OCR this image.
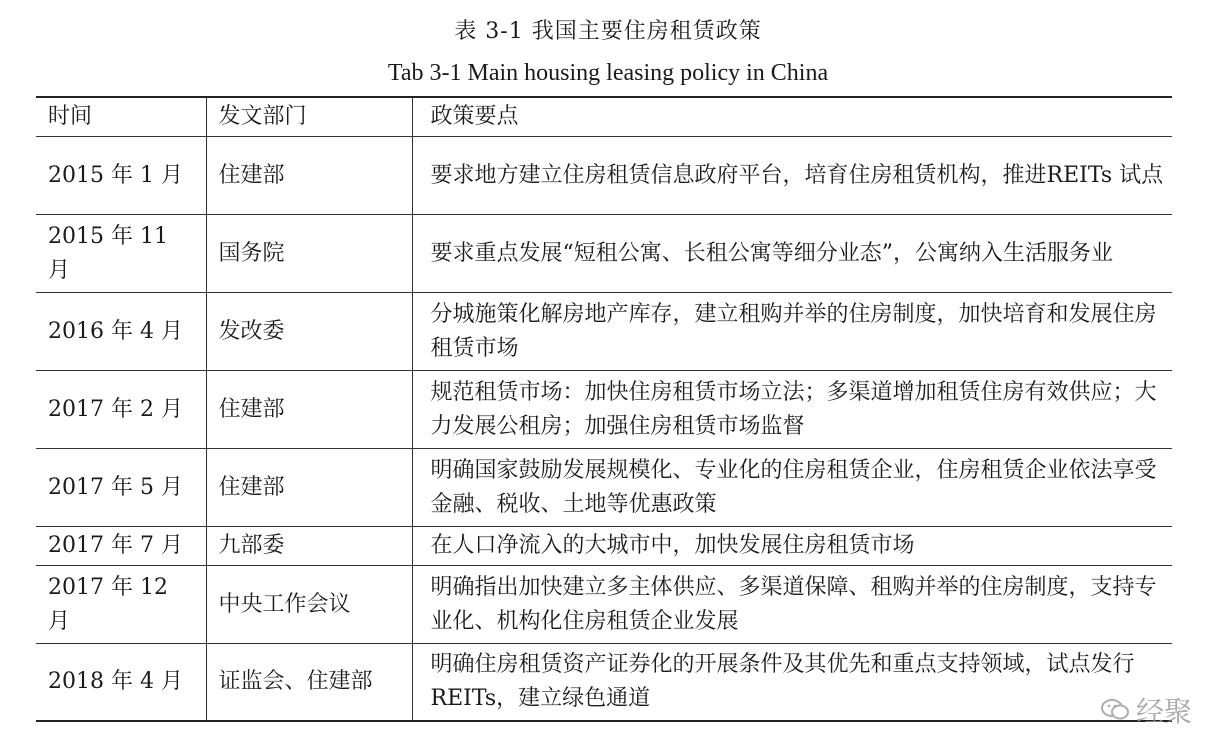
表 3-1 我国主要住房租赁政策
Tab 3-1 Main housing leasing policy in China
时间	发文部门	政策要点
2015 年 1 月	住建部	要求地方建立住房租赁信息政府平台，培育住房租赁机构，推进REITs 试点
2015 年 11 月	国务院	要求重点发展“短租公寓、长租公寓等细分业态”，公寓纳入生活服务业
2016 年 4 月	发改委	分城施策化解房地产库存，建立租购并举的住房制度，加快培育和发展住房租赁市场
2017 年 2 月	住建部	规范租赁市场：加快住房租赁市场立法；多渠道增加租赁住房有效供应；大力发展公租房；加强住房租赁市场监督
2017 年 5 月	住建部	明确国家鼓励发展规模化、专业化的住房租赁企业，住房租赁企业依法享受金融、税收、土地等优惠政策
2017 年 7 月	九部委	在人口净流入的大城市中，加快发展住房租赁市场
2017 年 12 月	中央工作会议	明确指出加快建立多主体供应、多渠道保障、租购并举的住房制度，支持专业化、机构化住房租赁企业发展
2018 年 4 月	证监会、住建部	明确住房租赁资产证券化的开展条件及其优先和重点支持领域，试点发行 REITs，建立绿色通道	经聚
